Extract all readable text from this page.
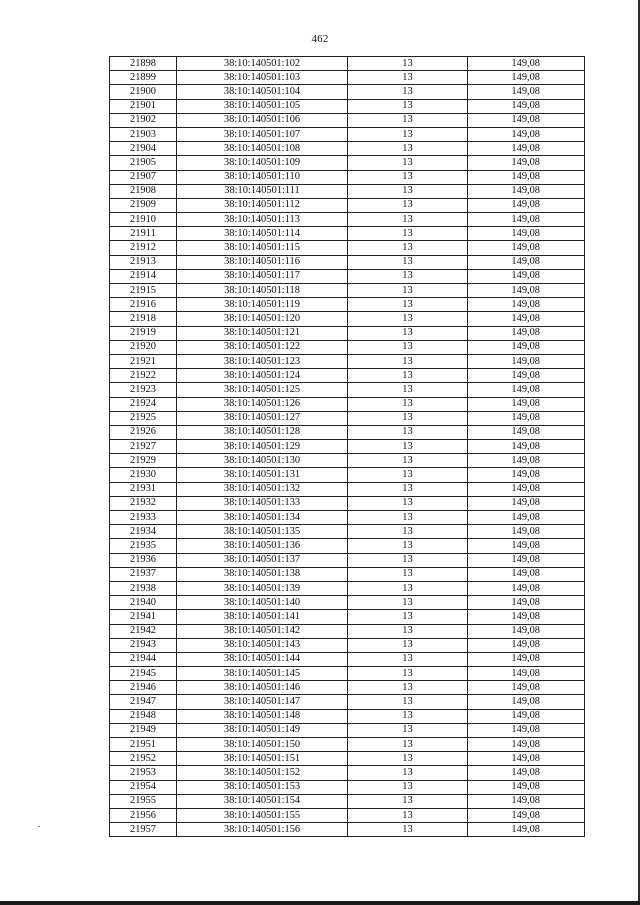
462
21898	38:10:140501:102	13	149,08
21899	38:10:140501:103	13	149,08
21900	38:10:140501:104	13	149,08
21901	38:10:140501:105	13	149,08
21902	38:10:140501:106	13	149,08
21903	38:10:140501:107	13	149,08
21904	38:10:140501:108	13	149,08
21905	38:10:140501:109	13	149,08
21907	38:10:140501:110	13	149,08
21908	38:10:140501:111	13	149,08
21909	38:10:140501:112	13	149,08
21910	38:10:140501:113	13	149,08
21911	38:10:140501:114	13	149,08
21912	38:10:140501:115	13	149,08
21913	38:10:140501:116	13	149,08
21914	38:10:140501:117	13	149,08
21915	38:10:140501:118	13	149,08
21916	38:10:140501:119	13	149,08
21918	38:10:140501:120	13	149,08
21919	38:10:140501:121	13	149,08
21920	38:10:140501:122	13	149,08
21921	38:10:140501:123	13	149,08
21922	38:10:140501:124	13	149,08
21923	38:10:140501:125	13	149,08
21924	38:10:140501:126	13	149,08
21925	38:10:140501:127	13	149,08
21926	38:10:140501:128	13	149,08
21927	38:10:140501:129	13	149,08
21929	38:10:140501:130	13	149,08
21930	38:10:140501:131	13	149,08
21931	38:10:140501:132	13	149,08
21932	38:10:140501:133	13	149,08
21933	38:10:140501:134	13	149,08
21934	38:10:140501:135	13	149,08
21935	38:10:140501:136	13	149,08
21936	38:10:140501:137	13	149,08
21937	38:10:140501:138	13	149,08
21938	38:10:140501:139	13	149,08
21940	38:10:140501:140	13	149,08
21941	38:10:140501:141	13	149,08
21942	38:10:140501:142	13	149,08
21943	38:10:140501:143	13	149,08
21944	38:10:140501:144	13	149,08
21945	38:10:140501:145	13	149,08
21946	38:10:140501:146	13	149,08
21947	38:10:140501:147	13	149,08
21948	38:10:140501:148	13	149,08
21949	38:10:140501:149	13	149,08
21951	38:10:140501:150	13	149,08
21952	38:10:140501:151	13	149,08
21953	38:10:140501:152	13	149,08
21954	38:10:140501:153	13	149,08
21955	38:10:140501:154	13	149,08
21956	38:10:140501:155	13	149,08
21957	38:10:140501:156	13	149,08
